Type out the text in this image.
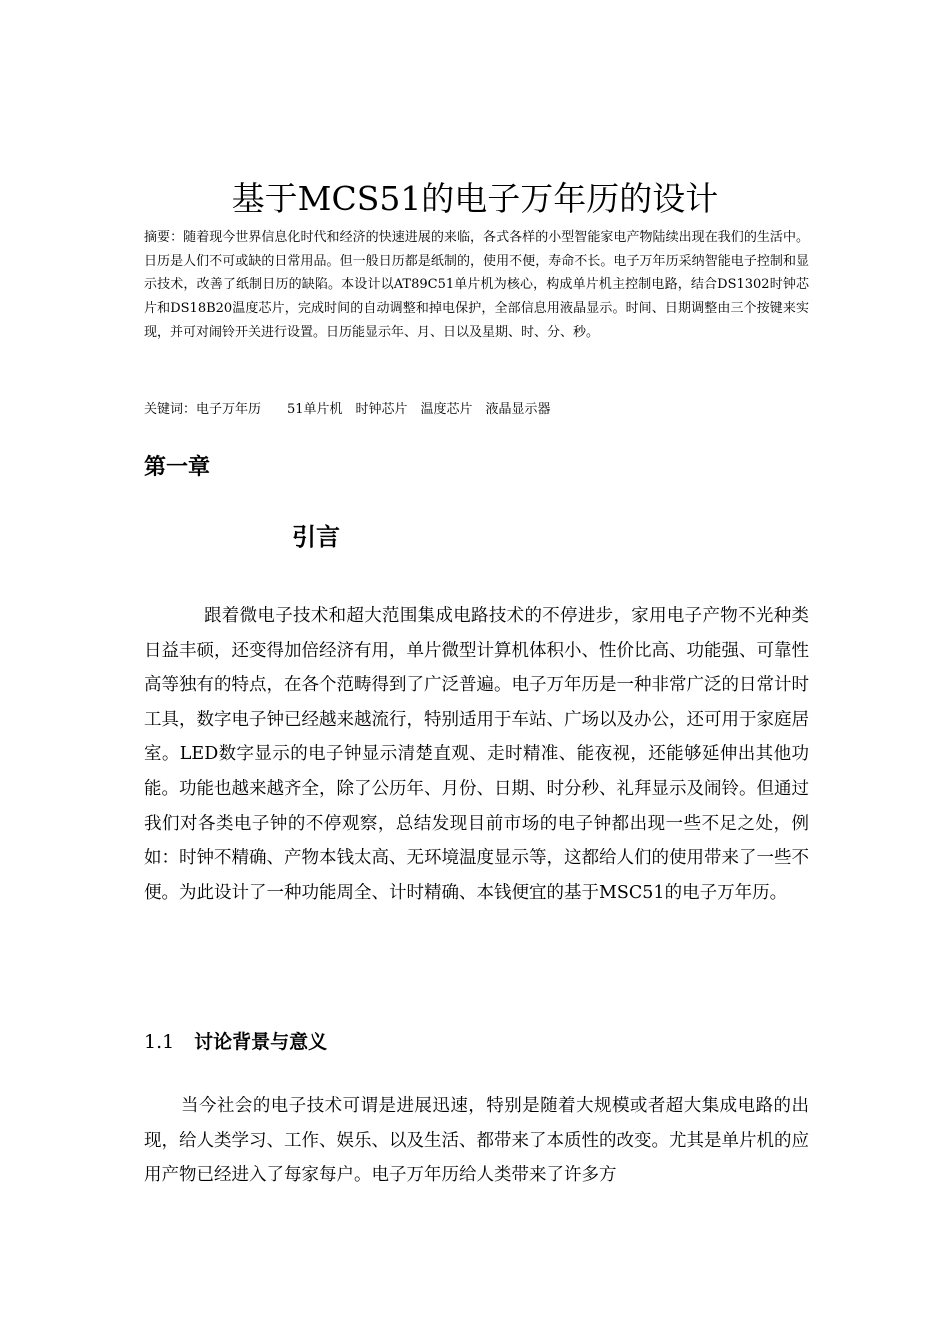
基于MCS51的电子万年历的设计

摘要：随着现今世界信息化时代和经济的快速进展的来临，各式各样的小型智能家电产物陆续出现在我们的生活中。日历是人们不可或缺的日常用品。但一般日历都是纸制的，使用不便，寿命不长。电子万年历采纳智能电子控制和显示技术，改善了纸制日历的缺陷。本设计以AT89C51单片机为核心，构成单片机主控制电路，结合DS1302时钟芯片和DS18B20温度芯片，完成时间的自动调整和掉电保护，全部信息用液晶显示。时间、日期调整由三个按键来实现，并可对闹铃开关进行设置。日历能显示年、月、日以及星期、时、分、秒。

关键词：电子万年历　　51单片机　时钟芯片　温度芯片　液晶显示器

第一章
引言

跟着微电子技术和超大范围集成电路技术的不停进步，家用电子产物不光种类日益丰硕，还变得加倍经济有用，单片微型计算机体积小、性价比高、功能强、可靠性高等独有的特点，在各个范畴得到了广泛普遍。电子万年历是一种非常广泛的日常计时工具，数字电子钟已经越来越流行，特别适用于车站、广场以及办公，还可用于家庭居室。LED数字显示的电子钟显示清楚直观、走时精准、能夜视，还能够延伸出其他功能。功能也越来越齐全，除了公历年、月份、日期、时分秒、礼拜显示及闹铃。但通过我们对各类电子钟的不停观察，总结发现目前市场的电子钟都出现一些不足之处，例如：时钟不精确、产物本钱太高、无环境温度显示等，这都给人们的使用带来了一些不便。为此设计了一种功能周全、计时精确、本钱便宜的基于MSC51的电子万年历。

1.1 讨论背景与意义

当今社会的电子技术可谓是进展迅速，特别是随着大规模或者超大集成电路的出现，给人类学习、工作、娱乐、以及生活、都带来了本质性的改变。尤其是单片机的应用产物已经进入了每家每户。电子万年历给人类带来了许多方
